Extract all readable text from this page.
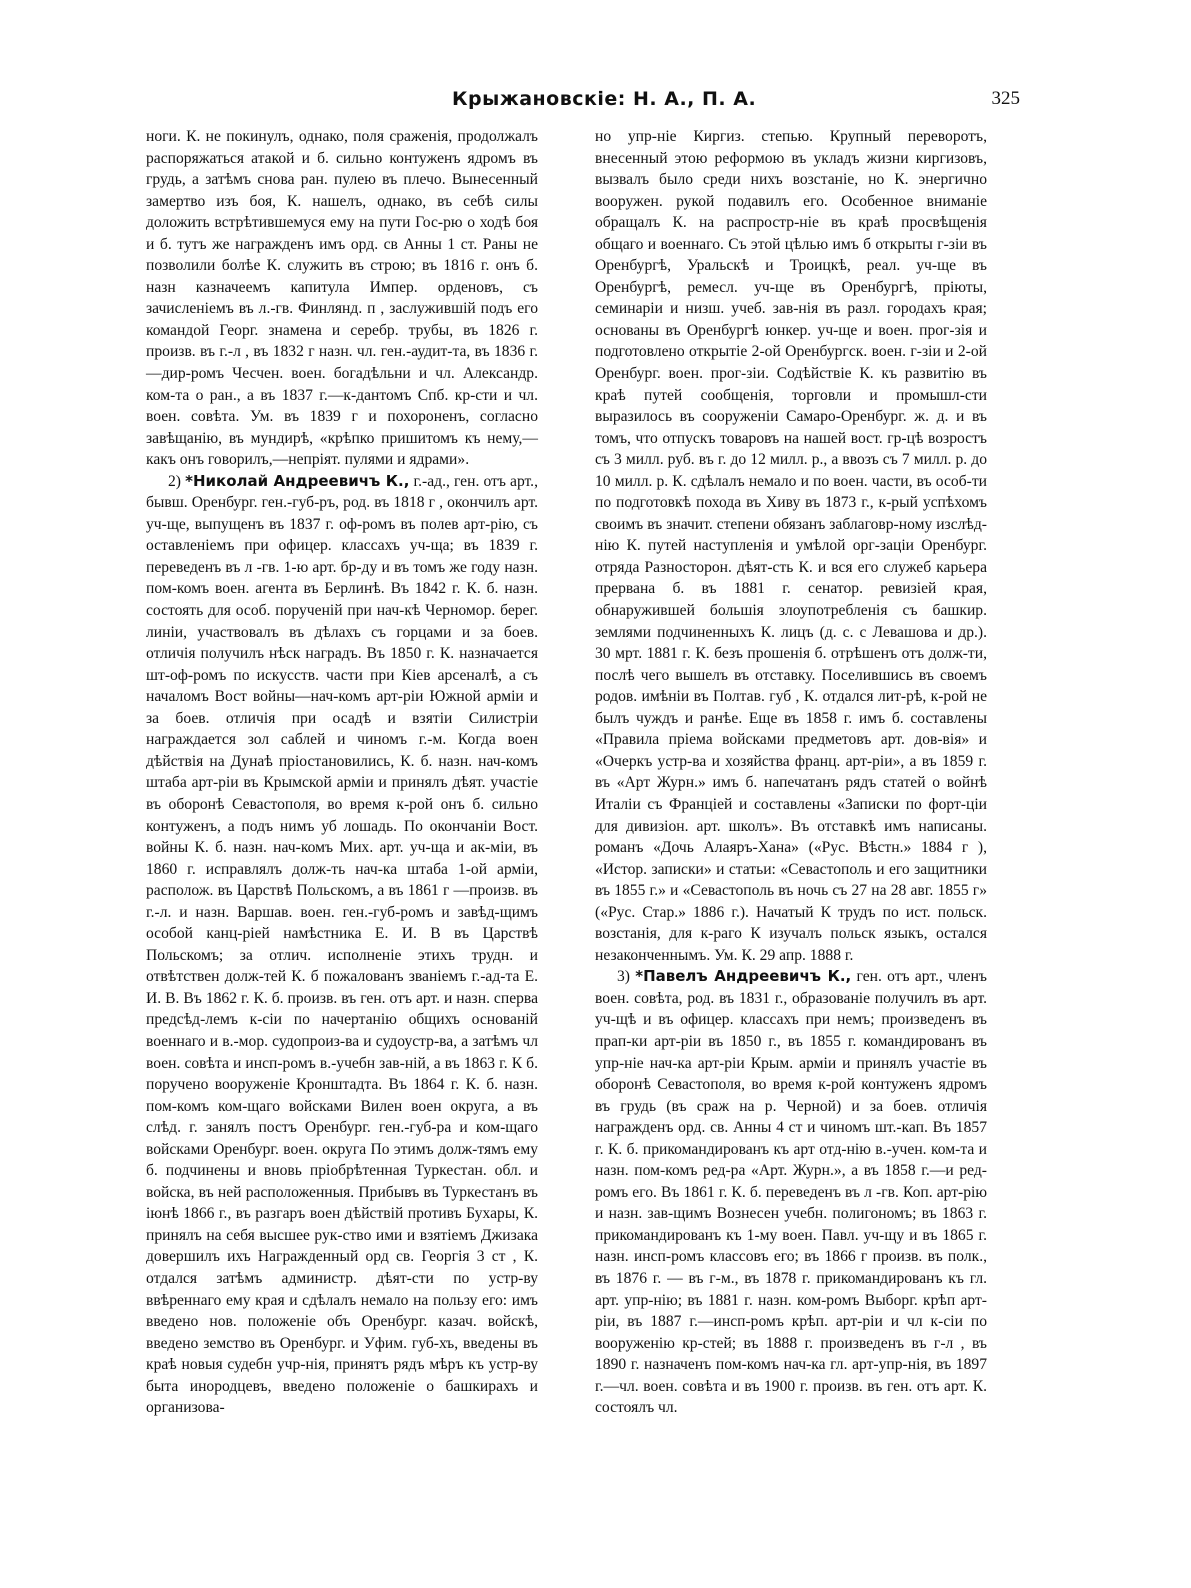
Крыжановскіе: Н. А., П. А.	325

ноги. К. не покинулъ, однако, поля сраженія, продолжалъ распоряжаться атакой и б. сильно контуженъ ядромъ въ грудь, а затѣмъ снова ран. пулею въ плечо. Вынесенный замертво изъ боя, К. нашелъ, однако, въ себѣ силы доложить встрѣтившемуся ему на пути Гос-рю о ходѣ боя и б. тутъ же награжденъ имъ орд. св Анны 1 ст. Раны не позволили болѣе К. служить въ строю; въ 1816 г. онъ б. назн казначеемъ капитула Импер. орденовъ, съ зачисленіемъ въ л.-гв. Финлянд. п , заслужившій подъ его командой Георг. знамена и серебр. трубы, въ 1826 г. произв. въ г.-л , въ 1832 г назн. чл. ген.-аудит-та, въ 1836 г.—дир-ромъ Чесчен. воен. богадѣльни и чл. Александр. ком-та о ран., а въ 1837 г.—к-дантомъ Спб. кр-сти и чл. воен. совѣта. Ум. въ 1839 г и похороненъ, согласно завѣщанію, въ мундирѣ, «крѣпко пришитомъ къ нему,—какъ онъ говорилъ,—непріят. пулями и ядрами».

2) *Николай Андреевичъ К., г.-ад., ген. отъ арт., бывш. Оренбург. ген.-губ-ръ, род. въ 1818 г , окончилъ арт. уч-ще, выпущенъ въ 1837 г. оф-ромъ въ полев арт-рію, съ оставленіемъ при офицер. классахъ уч-ща; въ 1839 г. переведенъ въ л -гв. 1-ю арт. бр-ду и въ томъ же году назн. пом-комъ воен. агента въ Берлинѣ. Въ 1842 г. К. б. назн. состоять для особ. порученій при нач-кѣ Черномор. берег. линіи, участвовалъ въ дѣлахъ съ горцами и за боев. отличія получилъ нѣск наградъ. Въ 1850 г. К. назначается шт-оф-ромъ по искусств. части при Кіев арсеналѣ, а съ началомъ Вост войны—нач-комъ арт-ріи Южной арміи и за боев. отличія при осадѣ и взятіи Силистріи награждается зол саблей и чиномъ г.-м. Когда воен дѣйствія на Дунаѣ пріостановились, К. б. назн. нач-комъ штаба арт-ріи въ Крымской арміи и принялъ дѣят. участіе въ оборонѣ Севастополя, во время к-рой онъ б. сильно контуженъ, а подъ нимъ уб лошадь. По окончаніи Вост. войны К. б. назн. нач-комъ Мих. арт. уч-ща и ак-міи, въ 1860 г. исправлялъ долж-ть нач-ка штаба 1-ой арміи, располож. въ Царствѣ Польскомъ, а въ 1861 г —произв. въ г.-л. и назн. Варшав. воен. ген.-губ-ромъ и завѣд-щимъ особой канц-ріей намѣстника Е. И. В въ Царствѣ Польскомъ; за отлич. исполненіе этихъ трудн. и отвѣтствен долж-тей К. б пожалованъ званіемъ г.-ад-та Е. И. В. Въ 1862 г. К. б. произв. въ ген. отъ арт. и назн. сперва предсѣд-лемъ к-сіи по начертанію общихъ основаній военнаго и в.-мор. судопроиз-ва и судоустр-ва, а затѣмъ чл воен. совѣта и инсп-ромъ в.-учебн зав-ній, а въ 1863 г. К б. поручено вооруженіе Кронштадта. Въ 1864 г. К. б. назн. пом-комъ ком-щаго войсками Вилен воен округа, а въ слѣд. г. занялъ постъ Оренбург. ген.-губ-ра и ком-щаго войсками Оренбург. воен. округа По этимъ долж-тямъ ему б. подчинены и вновь пріобрѣтенная Туркестан. обл. и войска, въ ней расположенныя. Прибывъ въ Туркестанъ въ іюнѣ 1866 г., въ разгаръ воен дѣйствій противъ Бухары, К. принялъ на себя высшее рук-ство ими и взятіемъ Джизака довершилъ ихъ Награжденный орд св. Георгія 3 ст , К. отдался затѣмъ администр. дѣят-сти по устр-ву ввѣреннаго ему края и сдѣлалъ немало на пользу его: имъ введено нов. положеніе объ Оренбург. казач. войскѣ, введено земство въ Оренбург. и Уфим. губ-хъ, введены въ краѣ новыя судебн учр-нія, принятъ рядъ мѣръ къ устр-ву быта инородцевъ, введено положеніе о башкирахъ и организова-

но упр-ніе Киргиз. степью. Крупный переворотъ, внесенный этою реформою въ укладъ жизни киргизовъ, вызвалъ было среди нихъ возстаніе, но К. энергично вооружен. рукой подавилъ его. Особенное вниманіе обращалъ К. на распростр-ніе въ краѣ просвѣщенія общаго и военнаго. Съ этой цѣлью имъ б открыты г-зіи въ Оренбургѣ, Уральскѣ и Троицкѣ, реал. уч-ще въ Оренбургѣ, ремесл. уч-ще въ Оренбургѣ, пріюты, семинаріи и низш. учеб. зав-нія въ разл. городахъ края; основаны въ Оренбургѣ юнкер. уч-ще и воен. прог-зія и подготовлено открытіе 2-ой Оренбургск. воен. г-зіи и 2-ой Оренбург. воен. прог-зіи. Содѣйствіе К. къ развитію въ краѣ путей сообщенія, торговли и промышл-сти выразилось въ сооруженіи Самаро-Оренбург. ж. д. и въ томъ, что отпускъ товаровъ на нашей вост. гр-цѣ возростъ съ 3 милл. руб. въ г. до 12 милл. р., а ввозъ съ 7 милл. р. до 10 милл. р. К. сдѣлалъ немало и по воен. части, въ особ-ти по подготовкѣ похода въ Хиву въ 1873 г., к-рый успѣхомъ своимъ въ значит. степени обязанъ заблаговр-ному изслѣд-нію К. путей наступленія и умѣлой орг-заціи Оренбург. отряда Разносторон. дѣят-сть К. и вся его служеб карьера прервана б. въ 1881 г. сенатор. ревизіей края, обнаружившей большія злоупотребленія съ башкир. землями подчиненныхъ К. лицъ (д. с. с Левашова и др.). 30 мрт. 1881 г. К. безъ прошенія б. отрѣшенъ отъ долж-ти, послѣ чего вышелъ въ отставку. Поселившись въ своемъ родов. имѣніи въ Полтав. губ , К. отдался лит-рѣ, к-рой не былъ чуждъ и ранѣе. Еще въ 1858 г. имъ б. составлены «Правила пріема войсками предметовъ арт. дов-вія» и «Очеркъ устр-ва и хозяйства франц. арт-ріи», а въ 1859 г. въ «Арт Журн.» имъ б. напечатанъ рядъ статей о войнѣ Италіи съ Франціей и составлены «Записки по форт-ціи для дивизіон. арт. школъ». Въ отставкѣ имъ написаны. романъ «Дочь Алаяръ-Хана» («Рус. Вѣстн.» 1884 г ), «Истор. записки» и статьи: «Севастополь и его защитники въ 1855 г.» и «Севастополь въ ночь съ 27 на 28 авг. 1855 г» («Рус. Стар.» 1886 г.). Начатый К трудъ по ист. польск. возстанія, для к-раго К изучалъ польск языкъ, остался незаконченнымъ. Ум. К. 29 апр. 1888 г.

3) *Павелъ Андреевичъ К., ген. отъ арт., членъ воен. совѣта, род. въ 1831 г., образованіе получилъ въ арт. уч-щѣ и въ офицер. классахъ при немъ; произведенъ въ прап-ки арт-ріи въ 1850 г., въ 1855 г. командированъ въ упр-ніе нач-ка арт-ріи Крым. арміи и принялъ участіе въ оборонѣ Севастополя, во время к-рой контуженъ ядромъ въ грудь (въ сраж на р. Черной) и за боев. отличія награжденъ орд. св. Анны 4 ст и чиномъ шт.-кап. Въ 1857 г. К. б. прикомандированъ къ арт отд-нію в.-учен. ком-та и назн. пом-комъ ред-ра «Арт. Журн.», а въ 1858 г.—и ред-ромъ его. Въ 1861 г. К. б. переведенъ въ л -гв. Коп. арт-рію и назн. зав-щимъ Вознесен учебн. полигономъ; въ 1863 г. прикомандированъ къ 1-му воен. Павл. уч-щу и въ 1865 г. назн. инсп-ромъ классовъ его; въ 1866 г произв. въ полк., въ 1876 г. — въ г-м., въ 1878 г. прикомандированъ къ гл. арт. упр-нію; въ 1881 г. назн. ком-ромъ Выборг. крѣп арт-ріи, въ 1887 г.—инсп-ромъ крѣп. арт-ріи и чл к-сіи по вооруженію кр-стей; въ 1888 г. произведенъ въ г-л , въ 1890 г. назначенъ пом-комъ нач-ка гл. арт-упр-нія, въ 1897 г.—чл. воен. совѣта и въ 1900 г. произв. въ ген. отъ арт. К. состоялъ чл.
